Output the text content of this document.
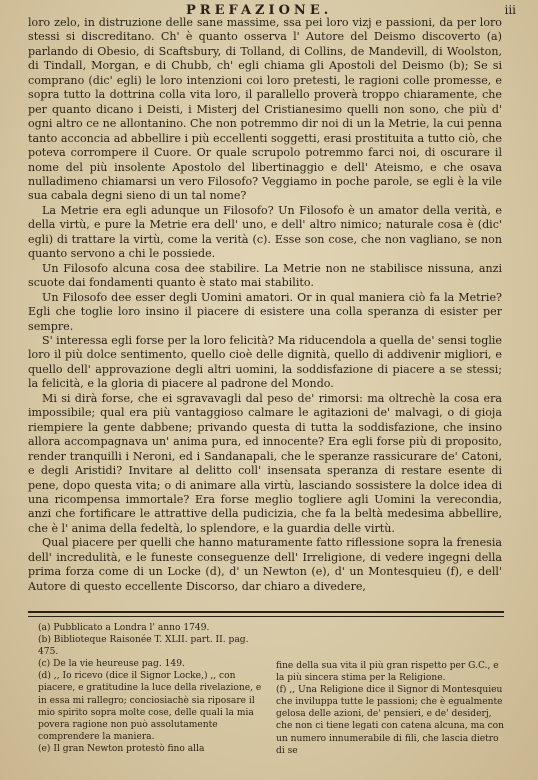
PREFAZIONE.	iii

loro zelo, in distruzione delle sane massime, ssa pei loro vizj e passioni, da per loro stessi si discreditano. Ch' è quanto osserva l' Autore del Deismo discoverto (a) parlando di Obesio, di Scaftsbury, di Tolland, di Collins, de Mandevill, di Woolston, di Tindall, Morgan, e di Chubb, ch' egli chiama gli Apostoli del Deismo (b); Se si comprano (dic' egli) le loro intenzioni coi loro pretesti, le ragioni colle promesse, e sopra tutto la dottrina colla vita loro, il parallello proverà troppo chiaramente, che per quanto dicano i Deisti, i Misterj del Cristianesimo quelli non sono, che più d' ogni altro ce ne allontanino. Che non potremmo dir noi di un la Metrie, la cui penna tanto acconcia ad abbellire i più eccellenti soggetti, erasi prostituita a tutto ciò, che poteva corrompere il Cuore. Or quale scrupolo potremmo farci noi, di oscurare il nome del più insolente Apostolo del libertinaggio e dell' Ateismo, e che osava nulladimeno chiamarsi un vero Filosofo? Veggiamo in poche parole, se egli è la vile sua cabala degni sieno di un tal nome?

La Metrie era egli adunque un Filosofo? Un Filosofo è un amator della verità, e della virtù, e pure la Metrie era dell' uno, e dell' altro nimico; naturale cosa è (dic' egli) di trattare la virtù, come la verità (c). Esse son cose, che non vagliano, se non quanto servono a chi le possiede.

Un Filosofo alcuna cosa dee stabilire. La Metrie non ne stabilisce nissuna, anzi scuote dai fondamenti quanto è stato mai stabilito.

Un Filosofo dee esser degli Uomini amatori. Or in qual maniera ciò fa la Metrie? Egli che toglie loro insino il piacere di esistere una colla speranza di esister per sempre.

S' interessa egli forse per la loro felicità? Ma riducendola a quella de' sensi toglie loro il più dolce sentimento, quello cioè delle dignità, quello di addivenir migliori, e quello dell' approvazione degli altri uomini, la soddisfazione di piacere a se stessi; la felicità, e la gloria di piacere al padrone del Mondo.

Mi si dirà forse, che ei sgravavagli dal peso de' rimorsi: ma oltrechè la cosa era impossibile; qual era più vantaggioso calmare le agitazioni de' malvagi, o di gioja riempiere la gente dabbene; privando questa di tutta la soddisfazione, che insino allora accompagnava un' anima pura, ed innocente? Era egli forse più di proposito, render tranquilli i Neroni, ed i Sandanapali, che le speranze rassicurare de' Catoni, e degli Aristidi? Invitare al delitto coll' insensata speranza di restare esente di pene, dopo questa vita; o di animare alla virtù, lasciando sossistere la dolce idea di una ricompensa immortale? Era forse meglio togliere agli Uomini la verecondia, anzi che fortificare le attrattive della pudicizia, che fa la beltà medesima abbellire, che è l' anima della fedeltà, lo splendore, e la guardia delle virtù.

Qual piacere per quelli che hanno maturamente fatto riflessione sopra la frenesia dell' incredulità, e le funeste conseguenze dell' Irreligione, di vedere ingegni della prima forza come di un Locke (d), d' un Newton (e), d' un Montesquieu (f), e dell' Autore di questo eccellente Discorso, dar chiaro a divedere,

(a) Pubblicato a Londra l' anno 1749.
(b) Biblioteque Raisonée T. XLII. part. II. pag. 475.
(c) De la vie heureuse pag. 149.
(d) ,, Io ricevo (dice il Signor Locke,) ,, con piacere, e gratitudine la luce della rivelazione, e in essa mi rallegro; conciosiachè sia riposare il mio spirito sopra molte cose, delle quali la mia povera ragione non può assolutamente comprendere la maniera.
(e) Il gran Newton protestò fino alla
fine della sua vita il più gran rispetto per G.C., e la più sincera stima per la Religione.
(f) ,, Una Religione dice il Signor di Montesquieu che inviluppa tutte le passioni; che è egualmente gelosa delle azioni, de' pensieri, e de' desiderj, che non ci tiene legati con catena alcuna, ma con un numero innumerabile di fili, che lascia dietro di se
